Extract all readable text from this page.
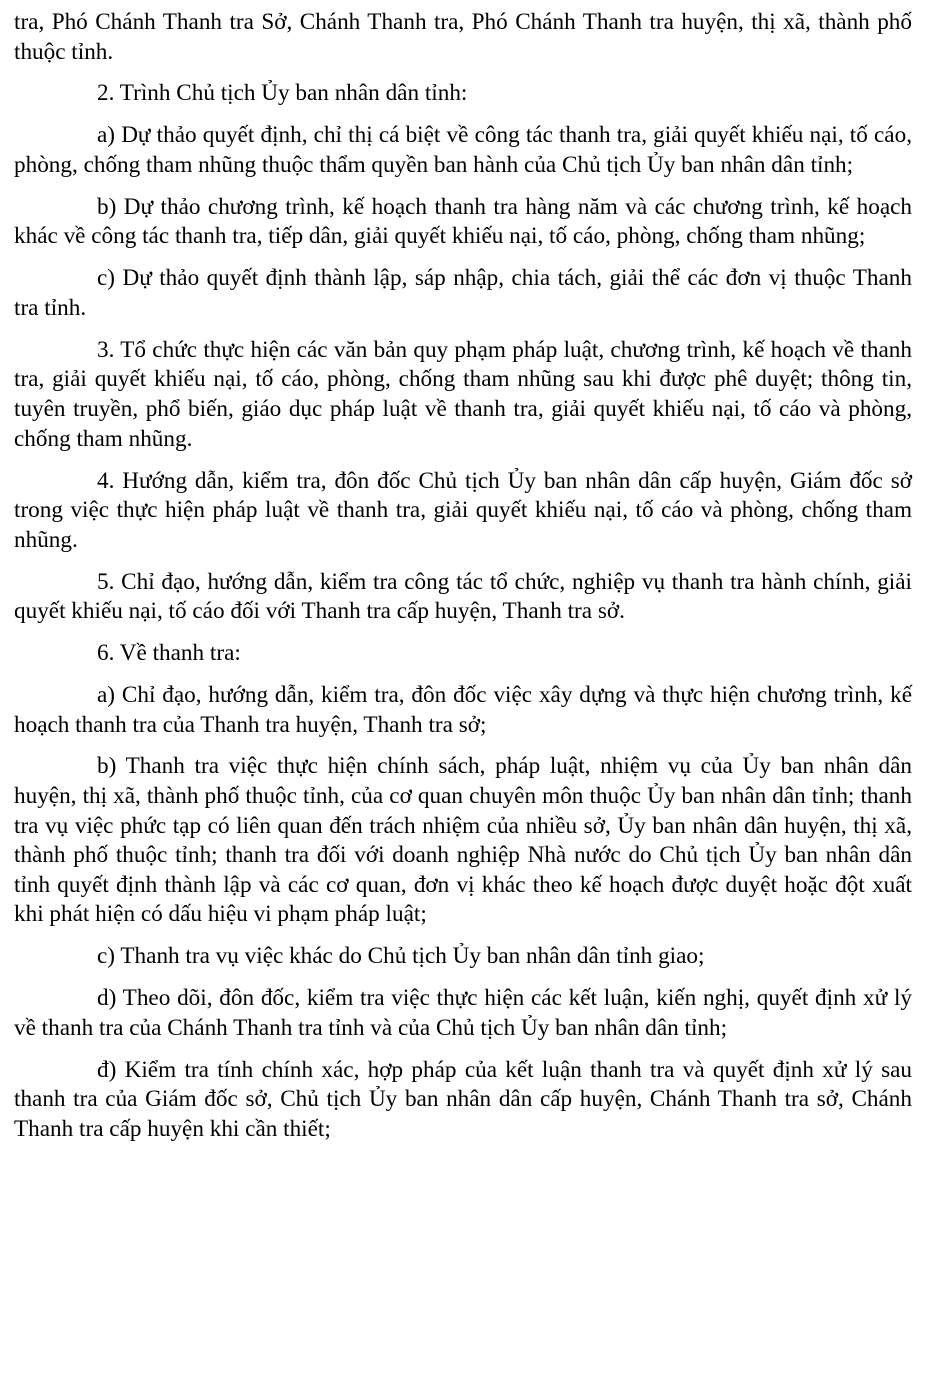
tra, Phó Chánh Thanh tra Sở, Chánh Thanh tra, Phó Chánh Thanh tra huyện, thị xã, thành phố thuộc tỉnh.

2. Trình Chủ tịch Ủy ban nhân dân tỉnh:

a) Dự thảo quyết định, chỉ thị cá biệt về công tác thanh tra, giải quyết khiếu nại, tố cáo, phòng, chống tham nhũng thuộc thẩm quyền ban hành của Chủ tịch Ủy ban nhân dân tỉnh;

b) Dự thảo chương trình, kế hoạch thanh tra hàng năm và các chương trình, kế hoạch khác về công tác thanh tra, tiếp dân, giải quyết khiếu nại, tố cáo, phòng, chống tham nhũng;

c) Dự thảo quyết định thành lập, sáp nhập, chia tách, giải thể các đơn vị thuộc Thanh tra tỉnh.

3. Tổ chức thực hiện các văn bản quy phạm pháp luật, chương trình, kế hoạch về thanh tra, giải quyết khiếu nại, tố cáo, phòng, chống tham nhũng sau khi được phê duyệt; thông tin, tuyên truyền, phổ biến, giáo dục pháp luật về thanh tra, giải quyết khiếu nại, tố cáo và phòng, chống tham nhũng.

4. Hướng dẫn, kiểm tra, đôn đốc Chủ tịch Ủy ban nhân dân cấp huyện, Giám đốc sở trong việc thực hiện pháp luật về thanh tra, giải quyết khiếu nại, tố cáo và phòng, chống tham nhũng.

5. Chỉ đạo, hướng dẫn, kiểm tra công tác tổ chức, nghiệp vụ thanh tra hành chính, giải quyết khiếu nại, tố cáo đối với Thanh tra cấp huyện, Thanh tra sở.

6. Về thanh tra:

a) Chỉ đạo, hướng dẫn, kiểm tra, đôn đốc việc xây dựng và thực hiện chương trình, kế hoạch thanh tra của Thanh tra huyện, Thanh tra sở;

b) Thanh tra việc thực hiện chính sách, pháp luật, nhiệm vụ của Ủy ban nhân dân huyện, thị xã, thành phố thuộc tỉnh, của cơ quan chuyên môn thuộc Ủy ban nhân dân tỉnh; thanh tra vụ việc phức tạp có liên quan đến trách nhiệm của nhiều sở, Ủy ban nhân dân huyện, thị xã, thành phố thuộc tỉnh; thanh tra đối với doanh nghiệp Nhà nước do Chủ tịch Ủy ban nhân dân tỉnh quyết định thành lập và các cơ quan, đơn vị khác theo kế hoạch được duyệt hoặc đột xuất khi phát hiện có dấu hiệu vi phạm pháp luật;

c) Thanh tra vụ việc khác do Chủ tịch Ủy ban nhân dân tỉnh giao;

d) Theo dõi, đôn đốc, kiểm tra việc thực hiện các kết luận, kiến nghị, quyết định xử lý về thanh tra của Chánh Thanh tra tỉnh và của Chủ tịch Ủy ban nhân dân tỉnh;

đ) Kiểm tra tính chính xác, hợp pháp của kết luận thanh tra và quyết định xử lý sau thanh tra của Giám đốc sở, Chủ tịch Ủy ban nhân dân cấp huyện, Chánh Thanh tra sở, Chánh Thanh tra cấp huyện khi cần thiết;
